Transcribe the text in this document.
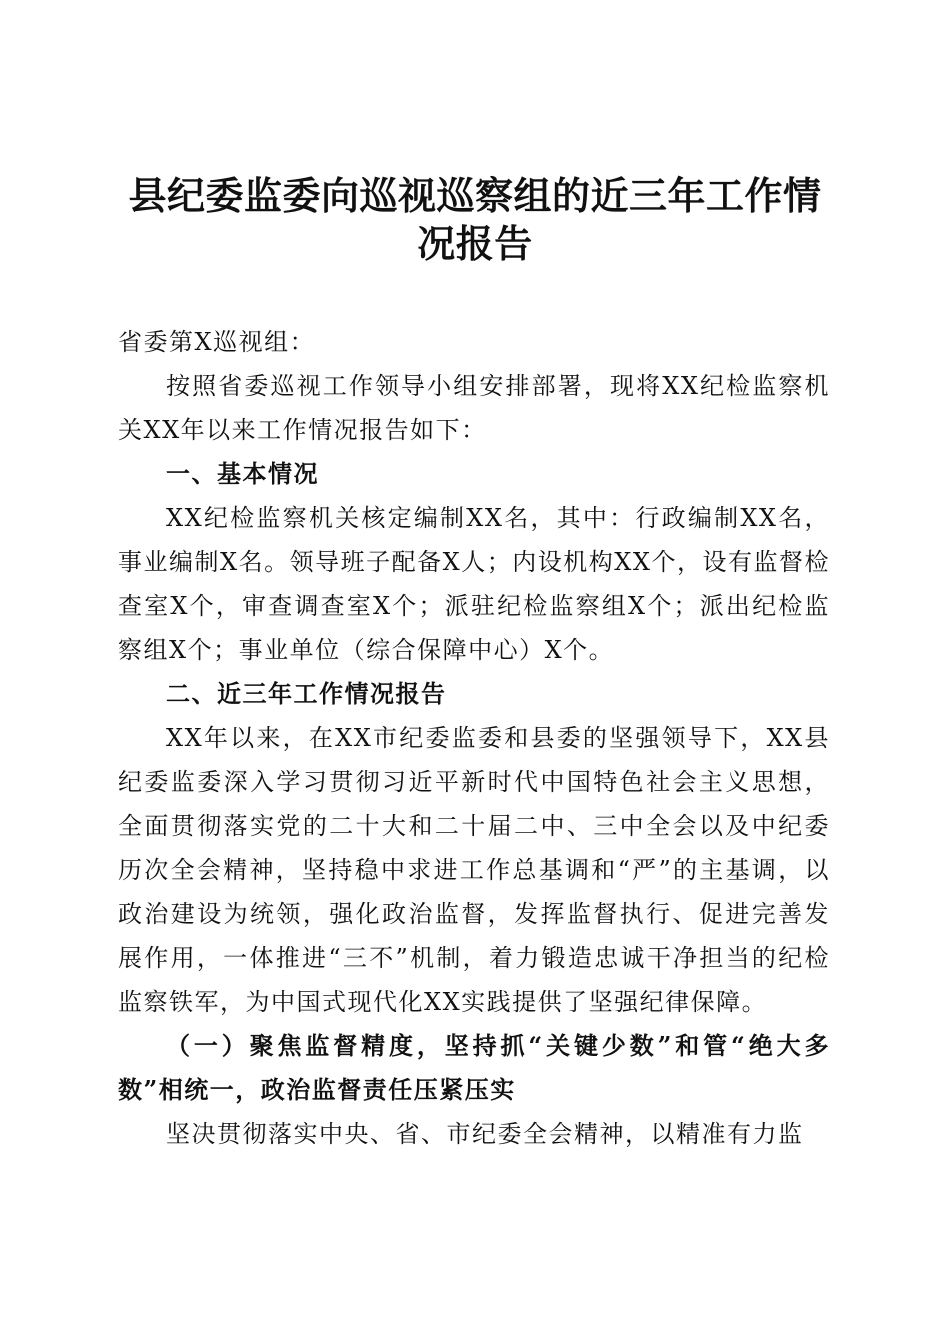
县纪委监委向巡视巡察组的近三年工作情况报告

省委第X巡视组：

按照省委巡视工作领导小组安排部署，现将XX纪检监察机关XX年以来工作情况报告如下：

一、基本情况

XX纪检监察机关核定编制XX名，其中：行政编制XX名，事业编制X名。领导班子配备X人；内设机构XX个，设有监督检查室X个，审查调查室X个；派驻纪检监察组X个；派出纪检监察组X个；事业单位（综合保障中心）X个。

二、近三年工作情况报告

XX年以来，在XX市纪委监委和县委的坚强领导下，XX县纪委监委深入学习贯彻习近平新时代中国特色社会主义思想，全面贯彻落实党的二十大和二十届二中、三中全会以及中纪委历次全会精神，坚持稳中求进工作总基调和“严”的主基调，以政治建设为统领，强化政治监督，发挥监督执行、促进完善发展作用，一体推进“三不”机制，着力锻造忠诚干净担当的纪检监察铁军，为中国式现代化XX实践提供了坚强纪律保障。

（一）聚焦监督精度，坚持抓“关键少数”和管“绝大多数”相统一，政治监督责任压紧压实

坚决贯彻落实中央、省、市纪委全会精神，以精准有力监
